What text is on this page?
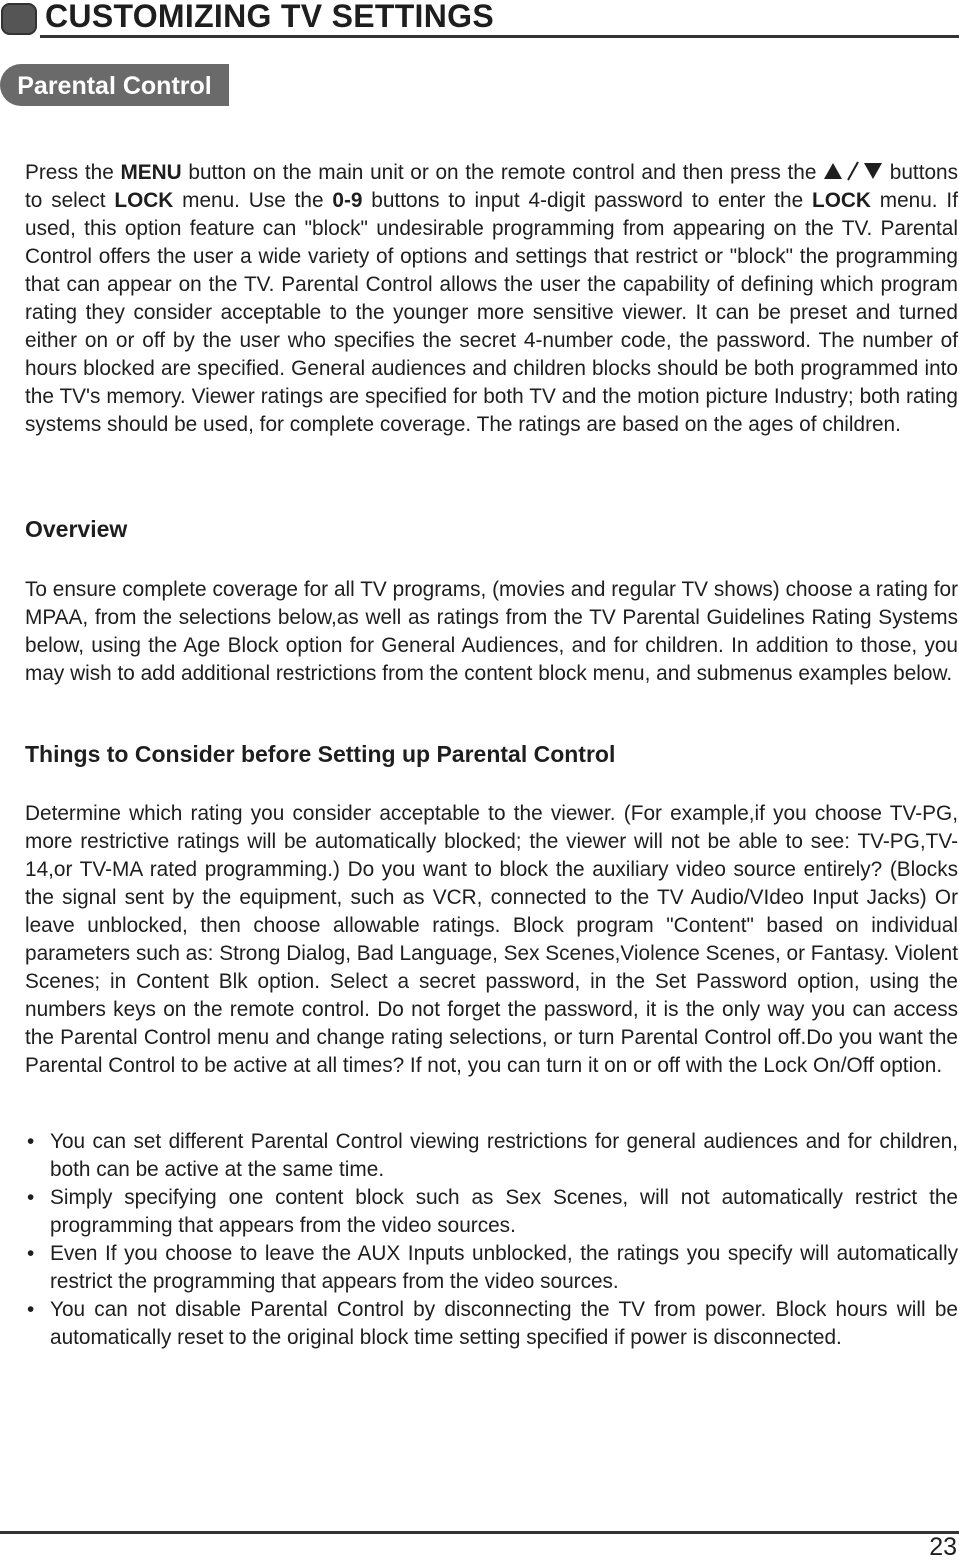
CUSTOMIZING TV SETTINGS
Parental Control

Press the MENU button on the main unit or on the remote control and then press the	buttons to select LOCK menu. Use the 0-9 buttons to input 4-digit password to enter the LOCK menu. If used, this option feature can "block" undesirable programming from appearing on the TV. Parental Control offers the user a wide variety of options and settings that restrict or "block" the programming that can appear on the TV. Parental Control allows the user the capability of defining which program rating they consider acceptable to the younger more sensitive viewer. It can be preset and turned either on or off by the user who specifies the secret 4-number code, the password. The number of hours blocked are specified. General audiences and children blocks should be both programmed into the TV's memory. Viewer ratings are specified for both TV and the motion picture Industry; both rating systems should be used, for complete coverage. The ratings are based on the ages of children.

Overview

To ensure complete coverage for all TV programs, (movies and regular TV shows) choose a rating for MPAA, from the selections below,as well as ratings from the TV Parental Guidelines Rating Systems below, using the Age Block option for General Audiences, and for children. In addition to those, you may wish to add additional restrictions from the content block menu, and submenus examples below.

Things to Consider before Setting up Parental Control

Determine which rating you consider acceptable to the viewer. (For example,if you choose TV-PG, more restrictive ratings will be automatically blocked; the viewer will not be able to see: TV-PG,TV-14,or TV-MA rated programming.) Do you want to block the auxiliary video source entirely? (Blocks the signal sent by the equipment, such as VCR, connected to the TV Audio/VIdeo Input Jacks) Or leave unblocked, then choose allowable ratings. Block program "Content" based on individual parameters such as: Strong Dialog, Bad Language, Sex Scenes,Violence Scenes, or Fantasy. Violent Scenes; in Content Blk option. Select a secret password, in the Set Password option, using the numbers keys on the remote control. Do not forget the password, it is the only way you can access the Parental Control menu and change rating selections, or turn Parental Control off.Do you want the Parental Control to be active at all times? If not, you can turn it on or off with the Lock On/Off option.

• You can set different Parental Control viewing restrictions for general audiences and for children, both can be active at the same time.
• Simply specifying one content block such as Sex Scenes, will not automatically restrict the programming that appears from the video sources.
• Even If you choose to leave the AUX Inputs unblocked, the ratings you specify will automatically restrict the programming that appears from the video sources.
• You can not disable Parental Control by disconnecting the TV from power. Block hours will be automatically reset to the original block time setting specified if power is disconnected.
23
